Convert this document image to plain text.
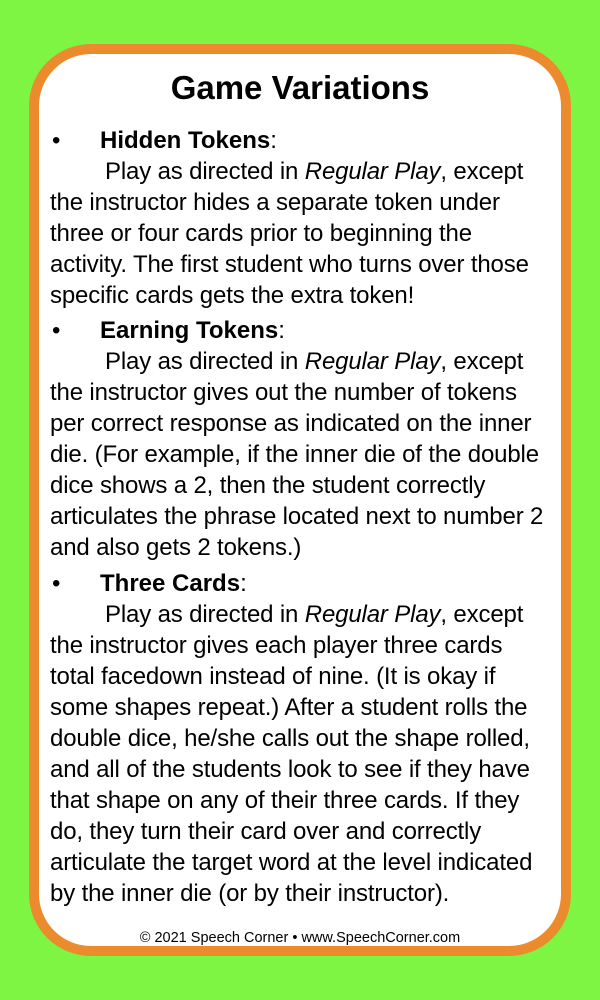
Game Variations
• Hidden Tokens:

Play as directed in Regular Play, except the instructor hides a separate token under three or four cards prior to beginning the activity. The first student who turns over those specific cards gets the extra token!

• Earning Tokens:

Play as directed in Regular Play, except the instructor gives out the number of tokens per correct response as indicated on the inner die. (For example, if the inner die of the double dice shows a 2, then the student correctly articulates the phrase located next to number 2 and also gets 2 tokens.)

• Three Cards:

Play as directed in Regular Play, except the instructor gives each player three cards total facedown instead of nine. (It is okay if some shapes repeat.) After a student rolls the double dice, he/she calls out the shape rolled, and all of the students look to see if they have that shape on any of their three cards. If they do, they turn their card over and correctly articulate the target word at the level indicated by the inner die (or by their instructor).

© 2021 Speech Corner • www.SpeechCorner.com
